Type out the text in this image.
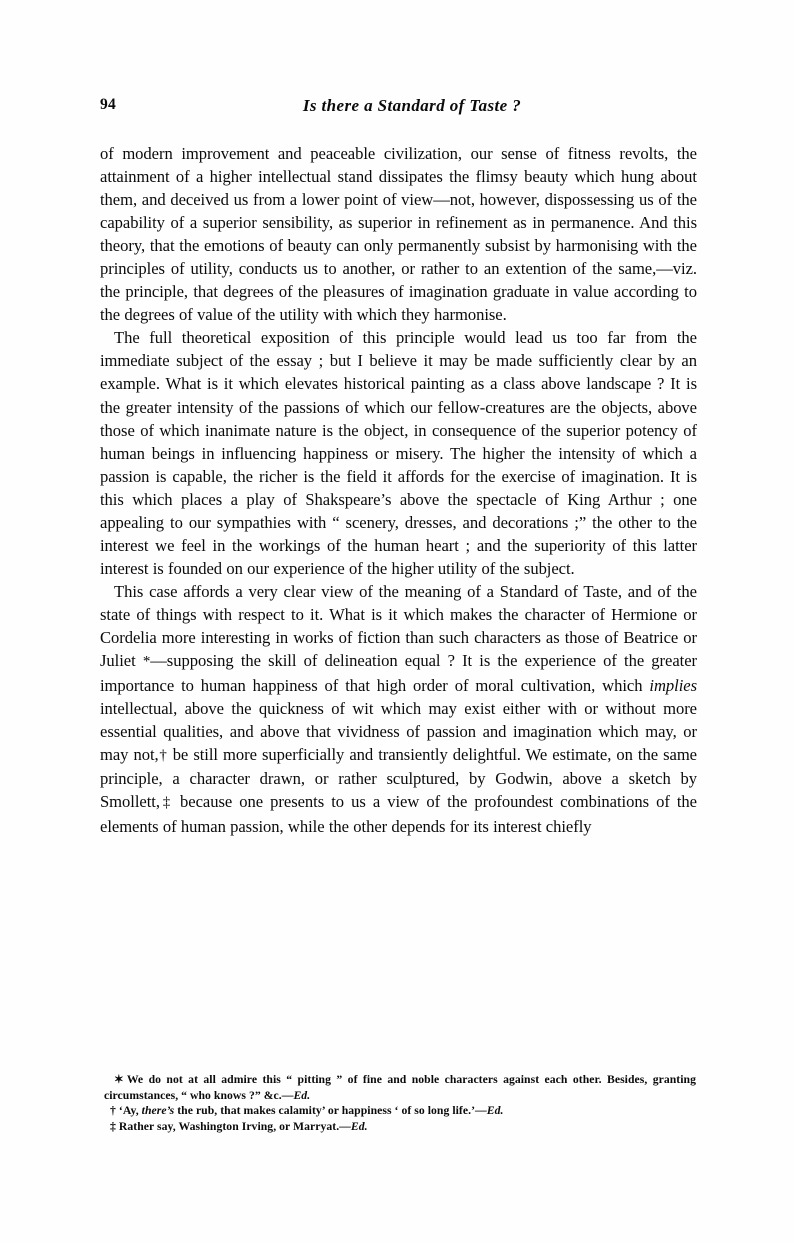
94	Is there a Standard of Taste ?

of modern improvement and peaceable civilization, our sense of fitness revolts, the attainment of a higher intellectual stand dissipates the flimsy beauty which hung about them, and deceived us from a lower point of view—not, however, dispossessing us of the capability of a superior sensibility, as superior in refinement as in permanence. And this theory, that the emotions of beauty can only permanently subsist by harmonising with the principles of utility, conducts us to another, or rather to an extention of the same,—viz. the principle, that degrees of the pleasures of imagination graduate in value according to the degrees of value of the utility with which they harmonise.

The full theoretical exposition of this principle would lead us too far from the immediate subject of the essay ; but I believe it may be made sufficiently clear by an example. What is it which elevates historical painting as a class above landscape ? It is the greater intensity of the passions of which our fellow-creatures are the objects, above those of which inanimate nature is the object, in consequence of the superior potency of human beings in influencing happiness or misery. The higher the intensity of which a passion is capable, the richer is the field it affords for the exercise of imagination. It is this which places a play of Shakspeare’s above the spectacle of King Arthur ; one appealing to our sympathies with “ scenery, dresses, and decorations ;” the other to the interest we feel in the workings of the human heart ; and the superiority of this latter interest is founded on our experience of the higher utility of the subject.

This case affords a very clear view of the meaning of a Standard of Taste, and of the state of things with respect to it. What is it which makes the character of Hermione or Cordelia more interesting in works of fiction than such characters as those of Beatrice or Juliet *—supposing the skill of delineation equal ? It is the experience of the greater importance to human happiness of that high order of moral cultivation, which implies intellectual, above the quickness of wit which may exist either with or without more essential qualities, and above that vividness of passion and imagination which may, or may not,† be still more superficially and transiently delightful. We estimate, on the same principle, a character drawn, or rather sculptured, by Godwin, above a sketch by Smollett,‡ because one presents to us a view of the profoundest combinations of the elements of human passion, while the other depends for its interest chiefly

✶ We do not at all admire this “ pitting ” of fine and noble characters against each other. Besides, granting circumstances, “ who knows ?” &c.—Ed.

† ‘Ay, there’s the rub, that makes calamity’ or happiness ‘ of so long life.’—Ed.

‡ Rather say, Washington Irving, or Marryat.—Ed.
